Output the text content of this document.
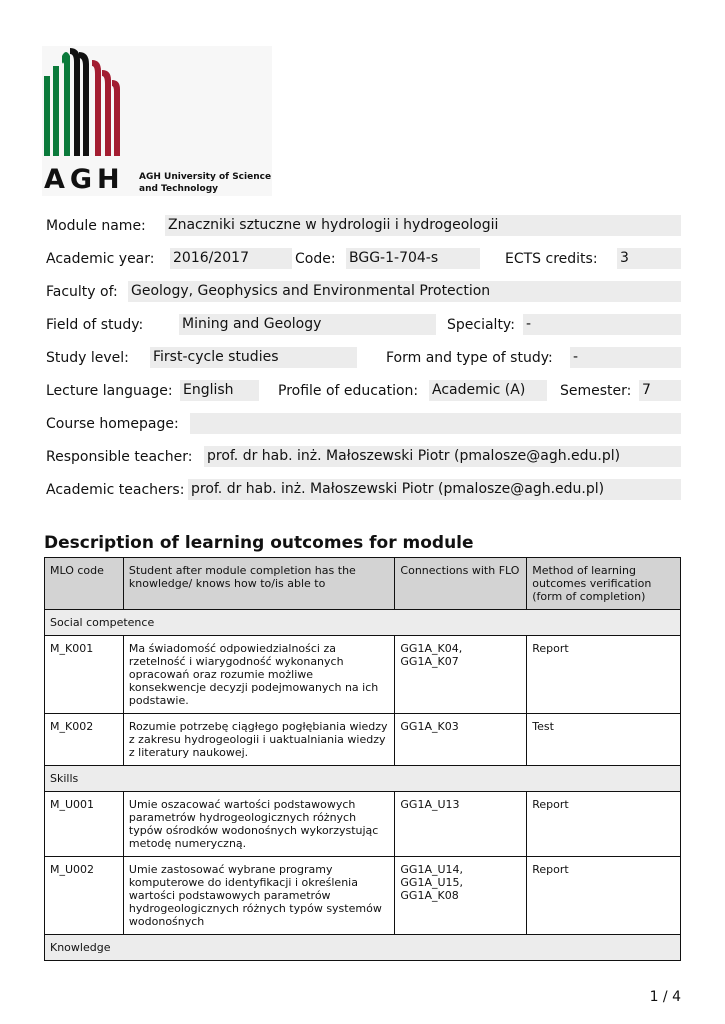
AGH AGH University of Science
and Technology
Module name: Znaczniki sztuczne w hydrologii i hydrogeologii
Academic year: 2016/2017	Code: BGG-1-704-s	ECTS credits: 3
Faculty of: Geology, Geophysics and Environmental Protection
Field of study:	Mining and Geology	Specialty: -
Study level: First-cycle studies	Form and type of study: -
Lecture language: English	Profile of education: Academic (A)	Semester: 7
Course homepage:
Responsible teacher: prof. dr hab. inż. Małoszewski Piotr (pmalosze@agh.edu.pl)
Academic teachers: prof. dr hab. inż. Małoszewski Piotr (pmalosze@agh.edu.pl)
Description of learning outcomes for module
MLO code	Student after module completion has the knowledge/ knows how to/is able to	Connections with FLO	Method of learning outcomes verification (form of completion)
Social competence			
M_K001	Ma świadomość odpowiedzialności za rzetelność i wiarygodność wykonanych opracowań oraz rozumie możliwe konsekwencje decyzji podejmowanych na ich podstawie.	GG1A_K04, GG1A_K07	Report
M_K002	Rozumie potrzebę ciągłego pogłębiania wiedzy z zakresu hydrogeologii i uaktualniania wiedzy z literatury naukowej.	GG1A_K03	Test
Skills			
M_U001	Umie oszacować wartości podstawowych parametrów hydrogeologicznych różnych typów ośrodków wodonośnych wykorzystując metodę numeryczną.	GG1A_U13	Report
M_U002	Umie zastosować wybrane programy komputerowe do identyfikacji i określenia wartości podstawowych parametrów hydrogeologicznych różnych typów systemów wodonośnych	GG1A_U14, GG1A_U15, GG1A_K08	Report
Knowledge			
1 / 4
